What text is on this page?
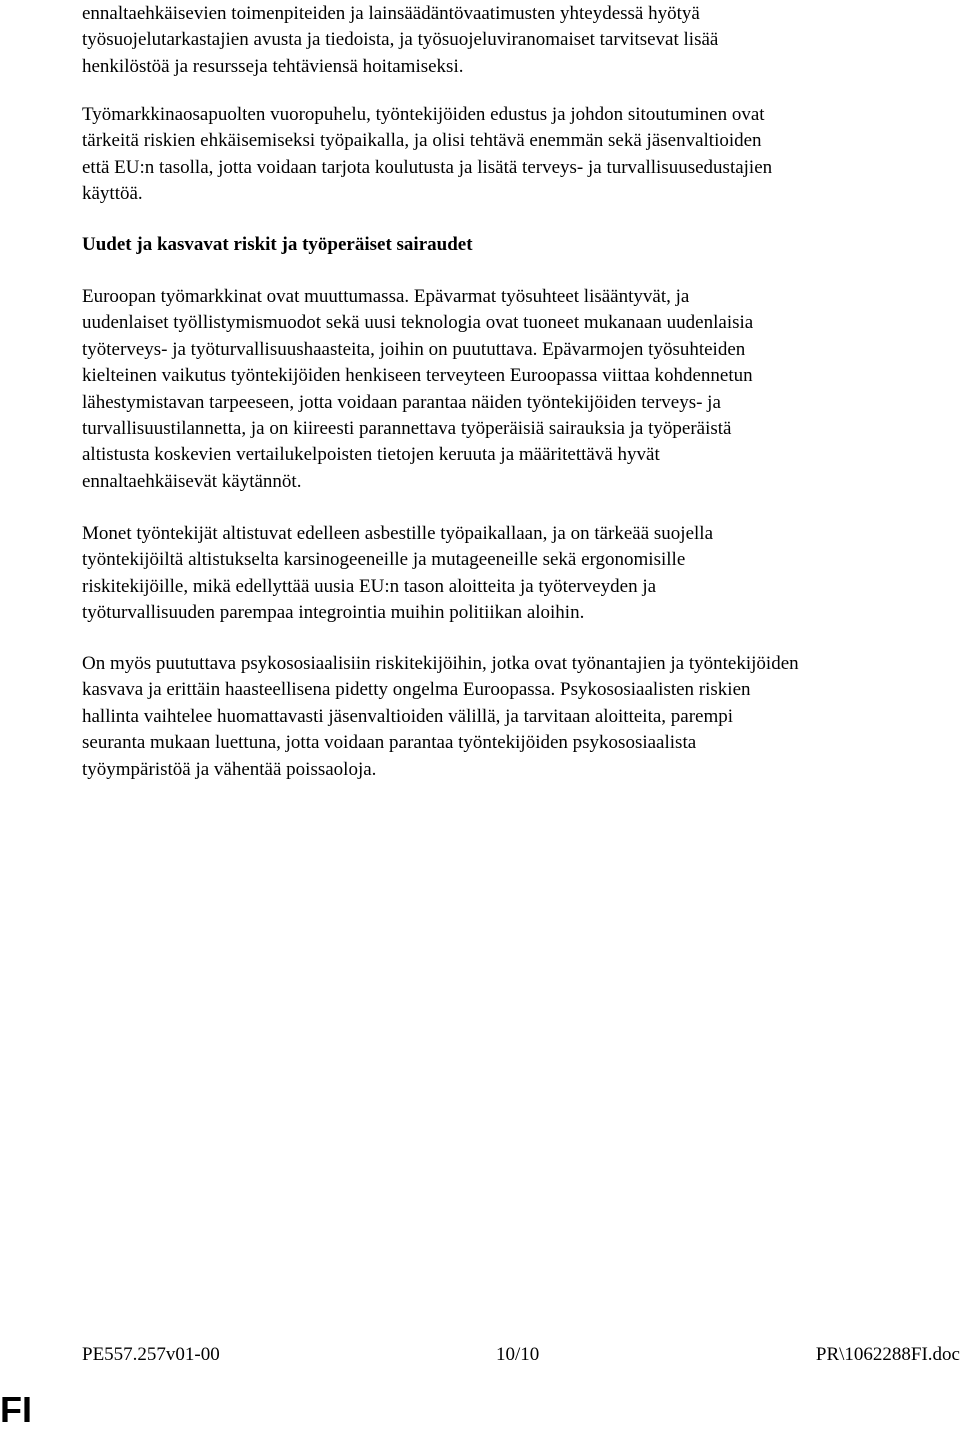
ennaltaehkäisevien toimenpiteiden ja lainsäädäntövaatimusten yhteydessä hyötyä
työsuojelutarkastajien avusta ja tiedoista, ja työsuojeluviranomaiset tarvitsevat lisää
henkilöstöä ja resursseja tehtäviensä hoitamiseksi.

Työmarkkinaosapuolten vuoropuhelu, työntekijöiden edustus ja johdon sitoutuminen ovat
tärkeitä riskien ehkäisemiseksi työpaikalla, ja olisi tehtävä enemmän sekä jäsenvaltioiden
että EU:n tasolla, jotta voidaan tarjota koulutusta ja lisätä terveys- ja turvallisuusedustajien
käyttöä.

Uudet ja kasvavat riskit ja työperäiset sairaudet

Euroopan työmarkkinat ovat muuttumassa. Epävarmat työsuhteet lisääntyvät, ja
uudenlaiset työllistymismuodot sekä uusi teknologia ovat tuoneet mukanaan uudenlaisia
työterveys- ja työturvallisuushaasteita, joihin on puututtava. Epävarmojen työsuhteiden
kielteinen vaikutus työntekijöiden henkiseen terveyteen Euroopassa viittaa kohdennetun
lähestymistavan tarpeeseen, jotta voidaan parantaa näiden työntekijöiden terveys- ja
turvallisuustilannetta, ja on kiireesti parannettava työperäisiä sairauksia ja työperäistä
altistusta koskevien vertailukelpoisten tietojen keruuta ja määritettävä hyvät
ennaltaehkäisevät käytännöt.

Monet työntekijät altistuvat edelleen asbestille työpaikallaan, ja on tärkeää suojella
työntekijöiltä altistukselta karsinogeeneille ja mutageeneille sekä ergonomisille
riskitekijöille, mikä edellyttää uusia EU:n tason aloitteita ja työterveyden ja
työturvallisuuden parempaa integrointia muihin politiikan aloihin.

On myös puututtava psykososiaalisiin riskitekijöihin, jotka ovat työnantajien ja työntekijöiden
kasvava ja erittäin haasteellisena pidetty ongelma Euroopassa. Psykososiaalisten riskien
hallinta vaihtelee huomattavasti jäsenvaltioiden välillä, ja tarvitaan aloitteita, parempi
seuranta mukaan luettuna, jotta voidaan parantaa työntekijöiden psykososiaalista
työympäristöä ja vähentää poissaoloja.

PE557.257v01-00	10/10	PR\1062288FI.doc
FI
